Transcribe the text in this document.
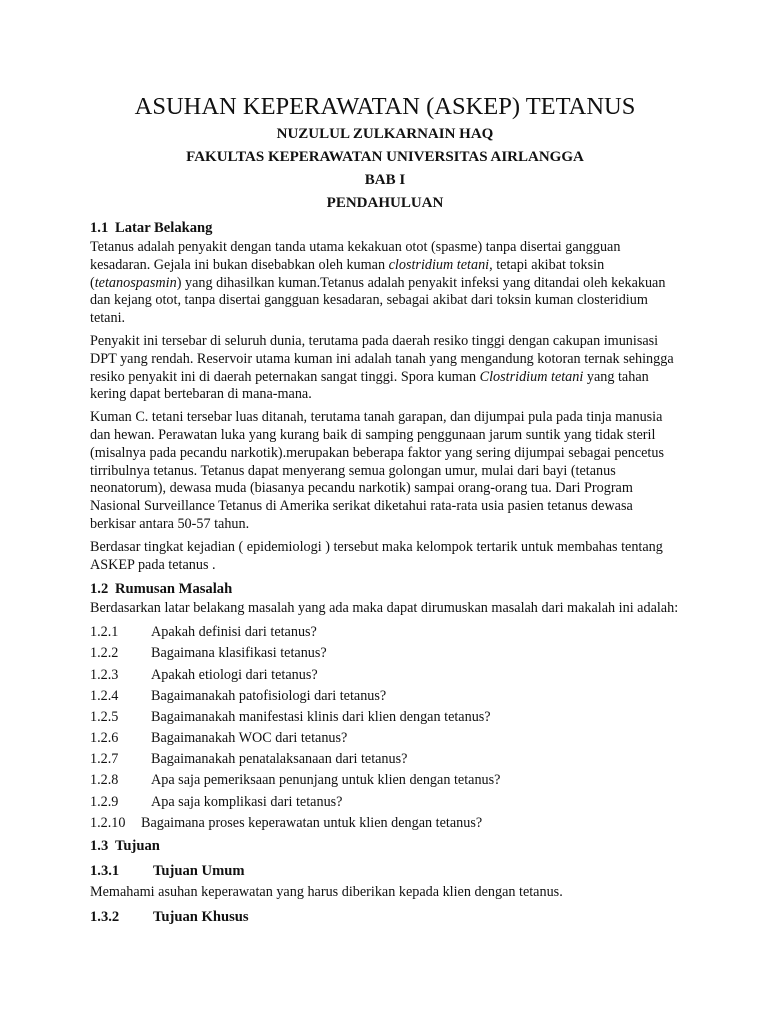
ASUHAN KEPERAWATAN (ASKEP) TETANUS
NUZULUL ZULKARNAIN HAQ
FAKULTAS KEPERAWATAN UNIVERSITAS AIRLANGGA
BAB I
PENDAHULUAN
1.1 Latar Belakang

Tetanus adalah penyakit dengan tanda utama kekakuan otot (spasme) tanpa disertai gangguan kesadaran. Gejala ini bukan disebabkan oleh kuman clostridium tetani, tetapi akibat toksin (tetanospasmin) yang dihasilkan kuman.Tetanus adalah penyakit infeksi yang ditandai oleh kekakuan dan kejang otot, tanpa disertai gangguan kesadaran, sebagai akibat dari toksin kuman closteridium tetani.

Penyakit ini tersebar di seluruh dunia, terutama pada daerah resiko tinggi dengan cakupan imunisasi DPT yang rendah. Reservoir utama kuman ini adalah tanah yang mengandung kotoran ternak sehingga resiko penyakit ini di daerah peternakan sangat tinggi. Spora kuman Clostridium tetani yang tahan kering dapat bertebaran di mana-mana.

Kuman C. tetani tersebar luas ditanah, terutama tanah garapan, dan dijumpai pula pada tinja manusia dan hewan. Perawatan luka yang kurang baik di samping penggunaan jarum suntik yang tidak steril (misalnya pada pecandu narkotik).merupakan beberapa faktor yang sering dijumpai sebagai pencetus tirribulnya tetanus. Tetanus dapat menyerang semua golongan umur, mulai dari bayi (tetanus neonatorum), dewasa muda (biasanya pecandu narkotik) sampai orang-orang tua. Dari Program Nasional Surveillance Tetanus di Amerika serikat diketahui rata-rata usia pasien tetanus dewasa berkisar antara 50-57 tahun.

Berdasar tingkat kejadian ( epidemiologi ) tersebut maka kelompok tertarik untuk membahas tentang ASKEP pada tetanus .

1.2 Rumusan Masalah

Berdasarkan latar belakang masalah yang ada maka dapat dirumuskan masalah dari makalah ini adalah:

1.2.1	Apakah definisi dari tetanus?
1.2.2	Bagaimana klasifikasi tetanus?
1.2.3	Apakah etiologi dari tetanus?
1.2.4	Bagaimanakah patofisiologi dari tetanus?
1.2.5	Bagaimanakah manifestasi klinis dari klien dengan tetanus?
1.2.6	Bagaimanakah WOC dari tetanus?
1.2.7	Bagaimanakah penatalaksanaan dari tetanus?
1.2.8	Apa saja pemeriksaan penunjang untuk klien dengan tetanus?
1.2.9	Apa saja komplikasi dari tetanus?
1.2.10	Bagaimana proses keperawatan untuk klien dengan tetanus?
1.3 Tujuan
1.3.1 Tujuan Umum

Memahami asuhan keperawatan yang harus diberikan kepada klien dengan tetanus.

1.3.2 Tujuan Khusus
